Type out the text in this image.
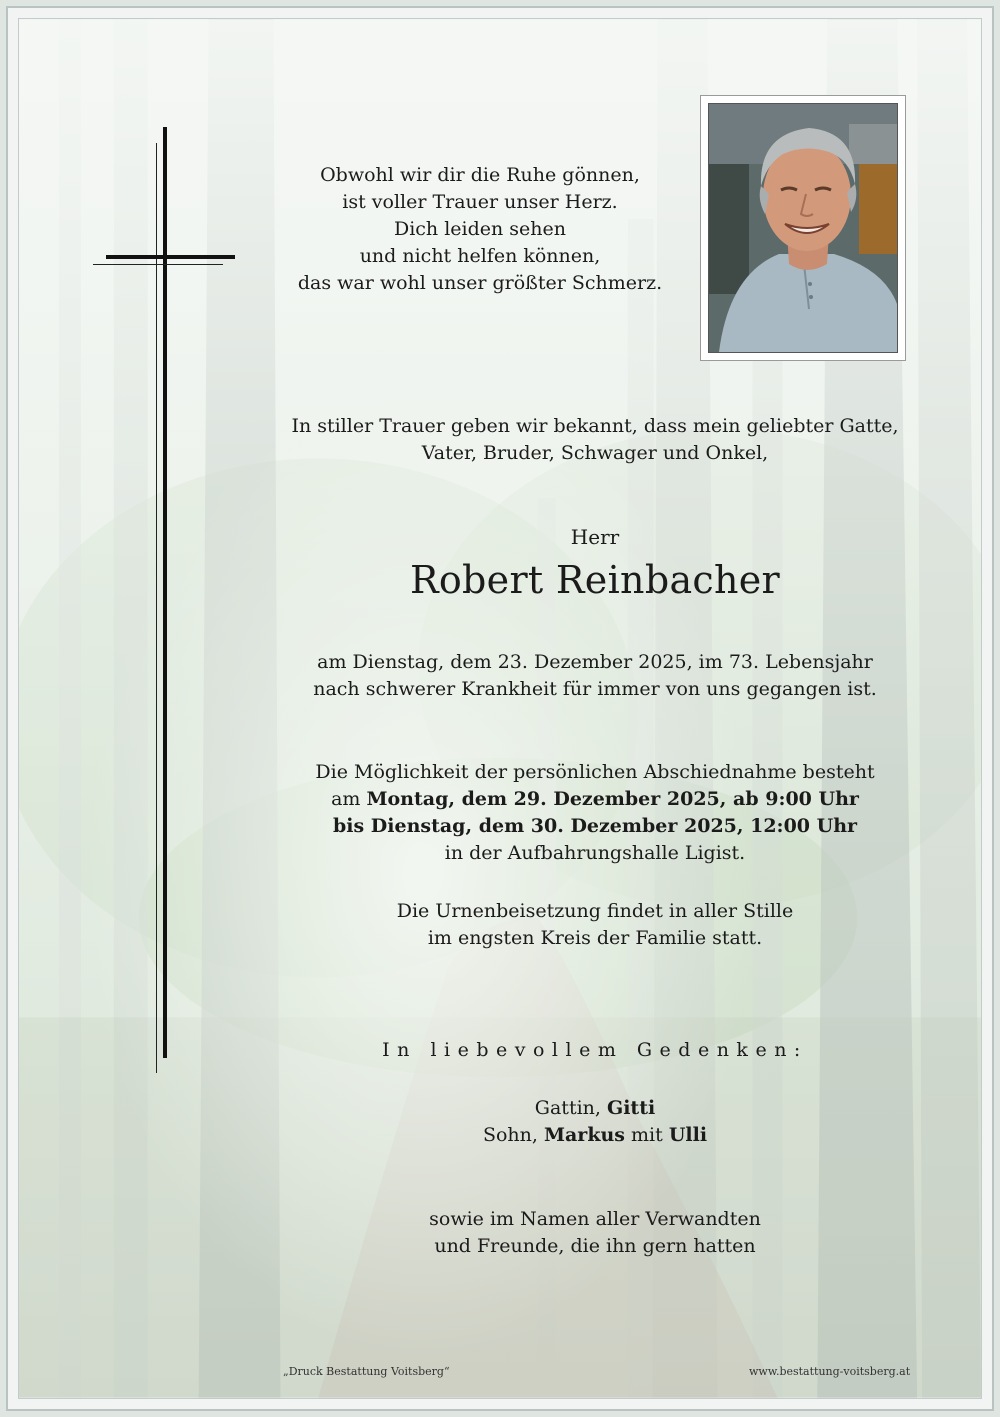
Obwohl wir dir die Ruhe gönnen,
ist voller Trauer unser Herz.
Dich leiden sehen
und nicht helfen können,
das war wohl unser größter Schmerz.
In stiller Trauer geben wir bekannt, dass mein geliebter Gatte,
Vater, Bruder, Schwager und Onkel,
Herr
Robert Reinbacher
am Dienstag, dem 23. Dezember 2025, im 73. Lebensjahr
nach schwerer Krankheit für immer von uns gegangen ist.
Die Möglichkeit der persönlichen Abschiednahme besteht
am Montag, dem 29. Dezember 2025, ab 9:00 Uhr
bis Dienstag, dem 30. Dezember 2025, 12:00 Uhr
in der Aufbahrungshalle Ligist.
Die Urnenbeisetzung findet in aller Stille
im engsten Kreis der Familie statt.
In liebevollem Gedenken:
Gattin, Gitti
Sohn, Markus mit Ulli
sowie im Namen aller Verwandten
und Freunde, die ihn gern hatten
„Druck Bestattung Voitsberg“	www.bestattung-voitsberg.at
